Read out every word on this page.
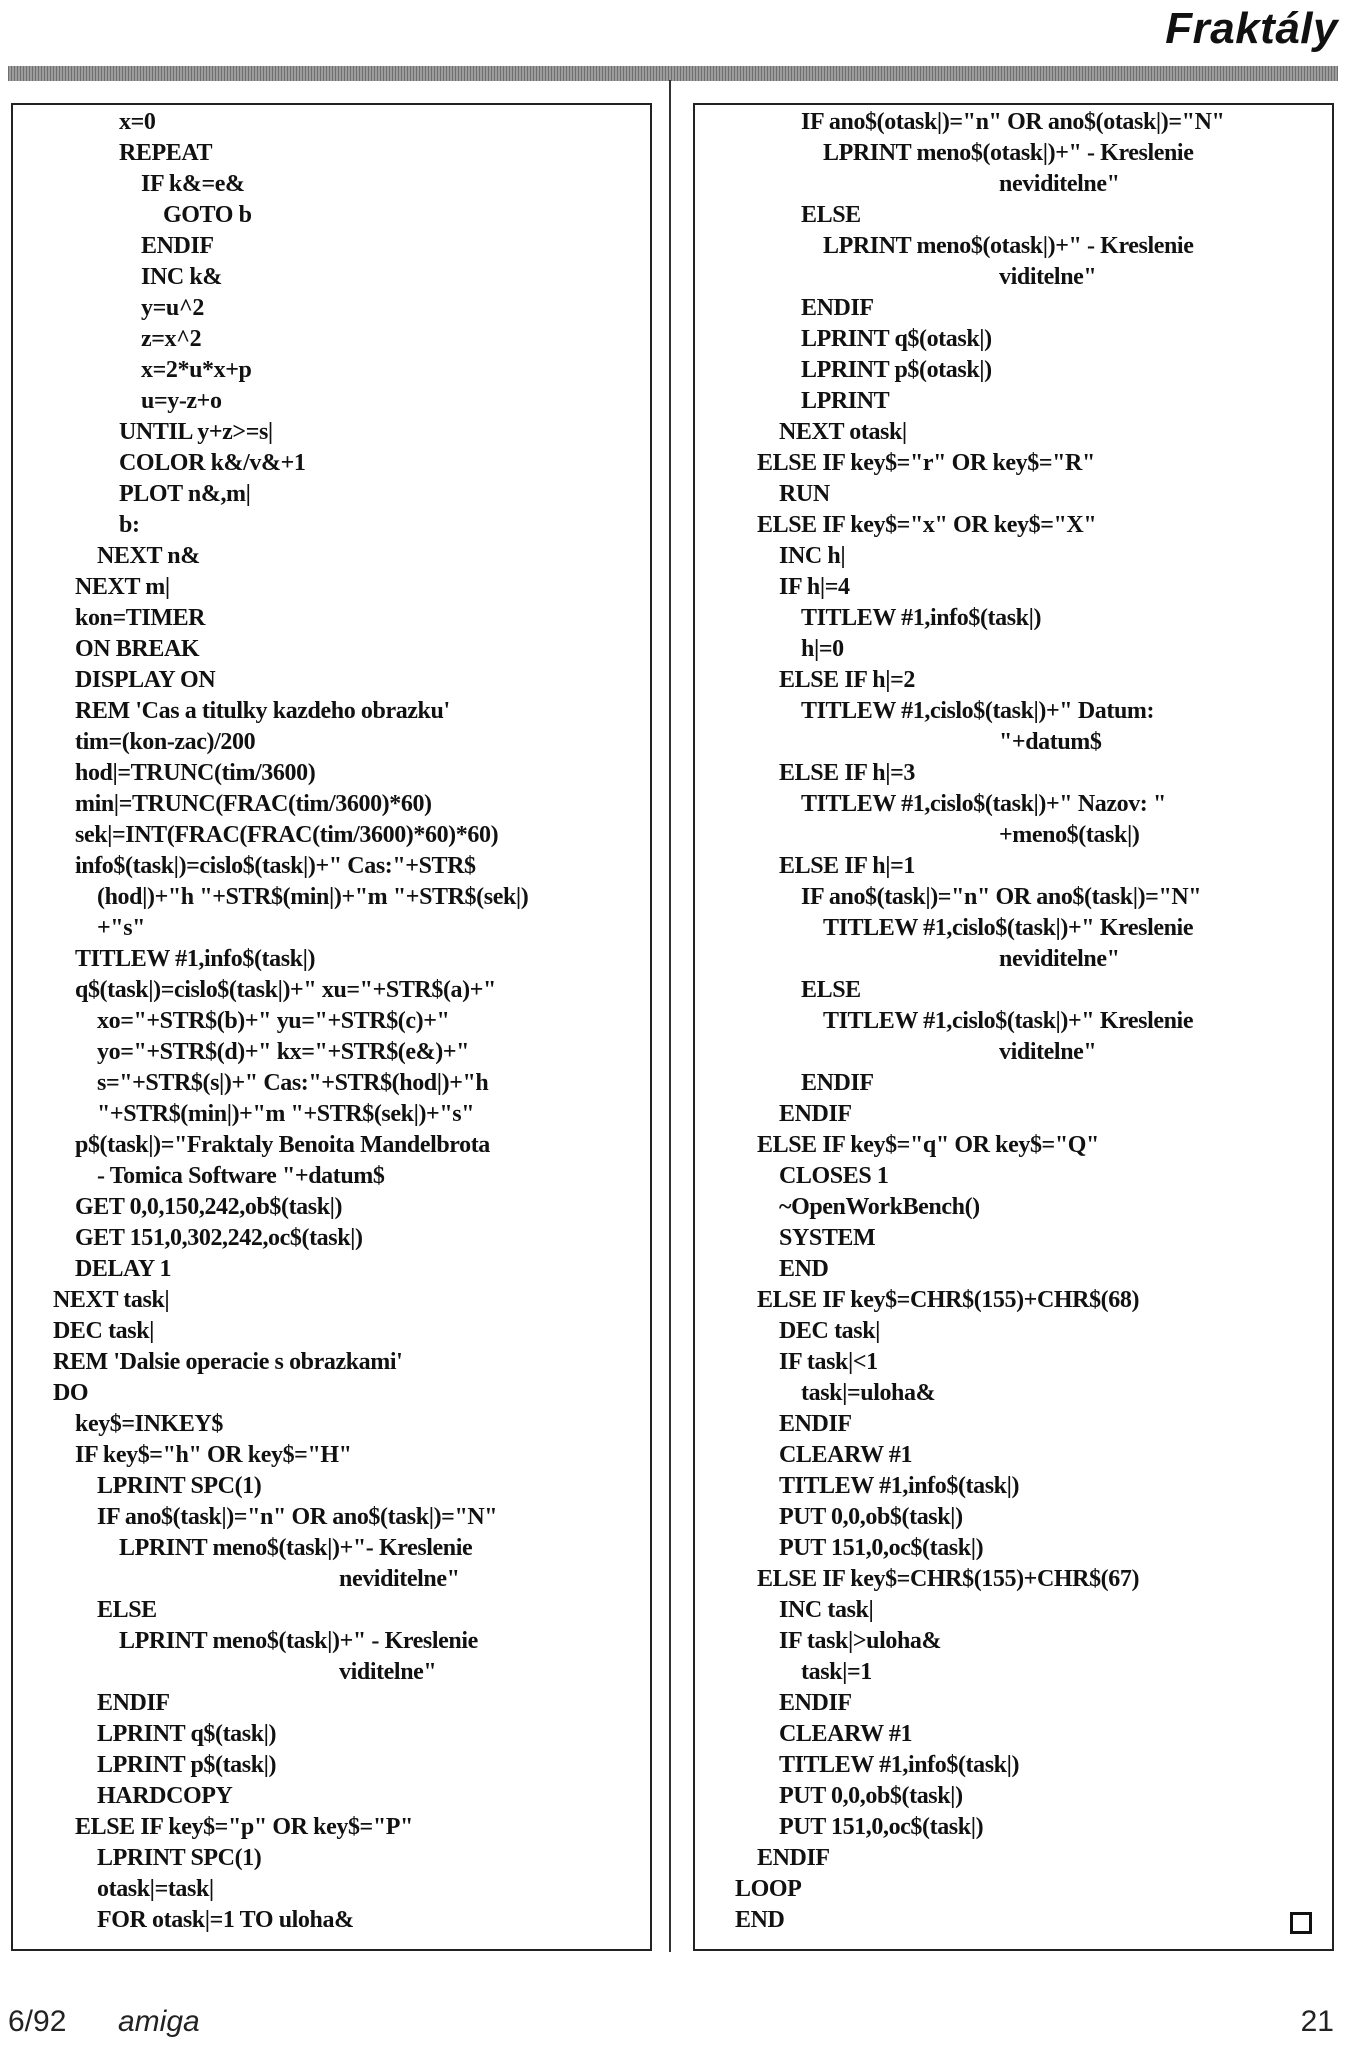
Fraktály
x=0
REPEAT
IF k&=e&
GOTO b
ENDIF
INC k&
y=u^2
z=x^2
x=2*u*x+p
u=y-z+o
UNTIL y+z>=s|
COLOR k&/v&+1
PLOT n&,m|
b:
NEXT n&
NEXT m|
kon=TIMER
ON BREAK
DISPLAY ON
REM 'Cas a titulky kazdeho obrazku'
tim=(kon-zac)/200
hod|=TRUNC(tim/3600)
min|=TRUNC(FRAC(tim/3600)*60)
sek|=INT(FRAC(FRAC(tim/3600)*60)*60)
info$(task|)=cislo$(task|)+" Cas:"+STR$
(hod|)+"h "+STR$(min|)+"m "+STR$(sek|)
+"s"
TITLEW #1,info$(task|)
q$(task|)=cislo$(task|)+" xu="+STR$(a)+"
xo="+STR$(b)+" yu="+STR$(c)+"
yo="+STR$(d)+" kx="+STR$(e&)+"
s="+STR$(s|)+" Cas:"+STR$(hod|)+"h
"+STR$(min|)+"m "+STR$(sek|)+"s"
p$(task|)="Fraktaly Benoita Mandelbrota
- Tomica Software "+datum$
GET 0,0,150,242,ob$(task|)
GET 151,0,302,242,oc$(task|)
DELAY 1
NEXT task|
DEC task|
REM 'Dalsie operacie s obrazkami'
DO
key$=INKEY$
IF key$="h" OR key$="H"
LPRINT SPC(1)
IF ano$(task|)="n" OR ano$(task|)="N"
LPRINT meno$(task|)+"- Kreslenie
neviditelne"
ELSE
LPRINT meno$(task|)+" - Kreslenie
viditelne"
ENDIF
LPRINT q$(task|)
LPRINT p$(task|)
HARDCOPY
ELSE IF key$="p" OR key$="P"
LPRINT SPC(1)
otask|=task|
FOR otask|=1 TO uloha&
IF ano$(otask|)="n" OR ano$(otask|)="N"
LPRINT meno$(otask|)+" - Kreslenie
neviditelne"
ELSE
LPRINT meno$(otask|)+" - Kreslenie
viditelne"
ENDIF
LPRINT q$(otask|)
LPRINT p$(otask|)
LPRINT
NEXT otask|
ELSE IF key$="r" OR key$="R"
RUN
ELSE IF key$="x" OR key$="X"
INC h|
IF h|=4
TITLEW #1,info$(task|)
h|=0
ELSE IF h|=2
TITLEW #1,cislo$(task|)+" Datum:
"+datum$
ELSE IF h|=3
TITLEW #1,cislo$(task|)+" Nazov: "
+meno$(task|)
ELSE IF h|=1
IF ano$(task|)="n" OR ano$(task|)="N"
TITLEW #1,cislo$(task|)+" Kreslenie
neviditelne"
ELSE
TITLEW #1,cislo$(task|)+" Kreslenie
viditelne"
ENDIF
ENDIF
ELSE IF key$="q" OR key$="Q"
CLOSES 1
~OpenWorkBench()
SYSTEM
END
ELSE IF key$=CHR$(155)+CHR$(68)
DEC task|
IF task|<1
task|=uloha&
ENDIF
CLEARW #1
TITLEW #1,info$(task|)
PUT 0,0,ob$(task|)
PUT 151,0,oc$(task|)
ELSE IF key$=CHR$(155)+CHR$(67)
INC task|
IF task|>uloha&
task|=1
ENDIF
CLEARW #1
TITLEW #1,info$(task|)
PUT 0,0,ob$(task|)
PUT 151,0,oc$(task|)
ENDIF
LOOP
END
6/92 amiga	21
